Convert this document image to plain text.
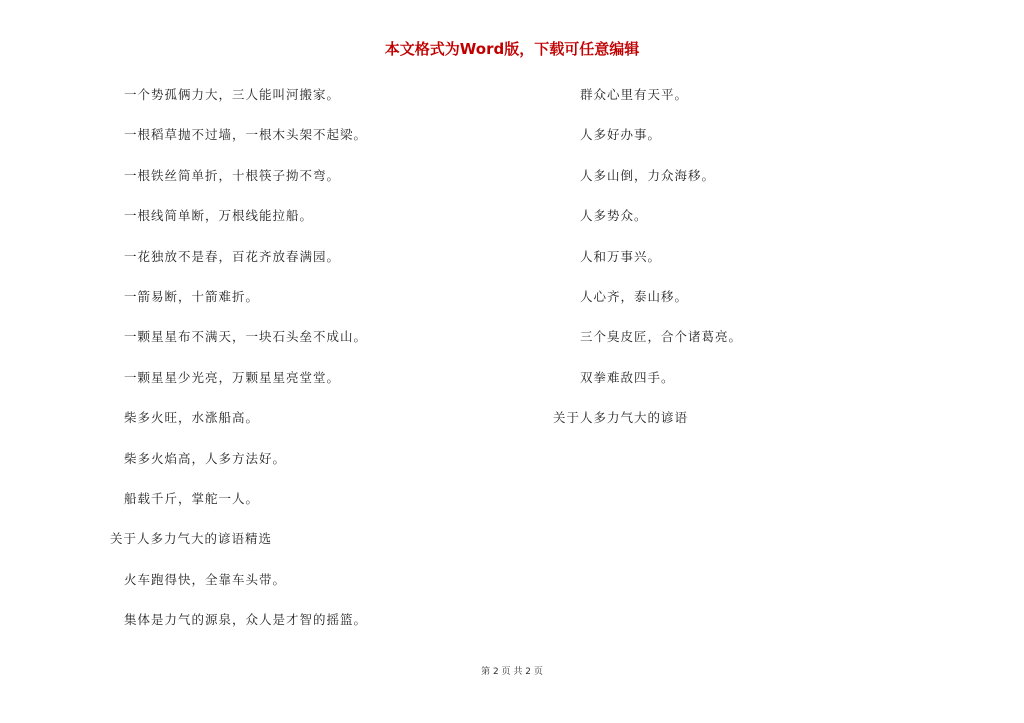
本文格式为Word版，下载可任意编辑
一个势孤俩力大，三人能叫河搬家。
一根稻草抛不过墙，一根木头架不起梁。
一根铁丝简单折，十根筷子拗不弯。
一根线简单断，万根线能拉船。
一花独放不是春，百花齐放春满园。
一箭易断，十箭难折。
一颗星星布不满天，一块石头垒不成山。
一颗星星少光亮，万颗星星亮堂堂。
柴多火旺，水涨船高。
柴多火焰高，人多方法好。
船载千斤，掌舵一人。
关于人多力气大的谚语精选
火车跑得快，全靠车头带。
集体是力气的源泉，众人是才智的摇篮。
群众心里有天平。
人多好办事。
人多山倒，力众海移。
人多势众。
人和万事兴。
人心齐，泰山移。
三个臭皮匠，合个诸葛亮。
双拳难敌四手。
关于人多力气大的谚语
第 2 页 共 2 页
